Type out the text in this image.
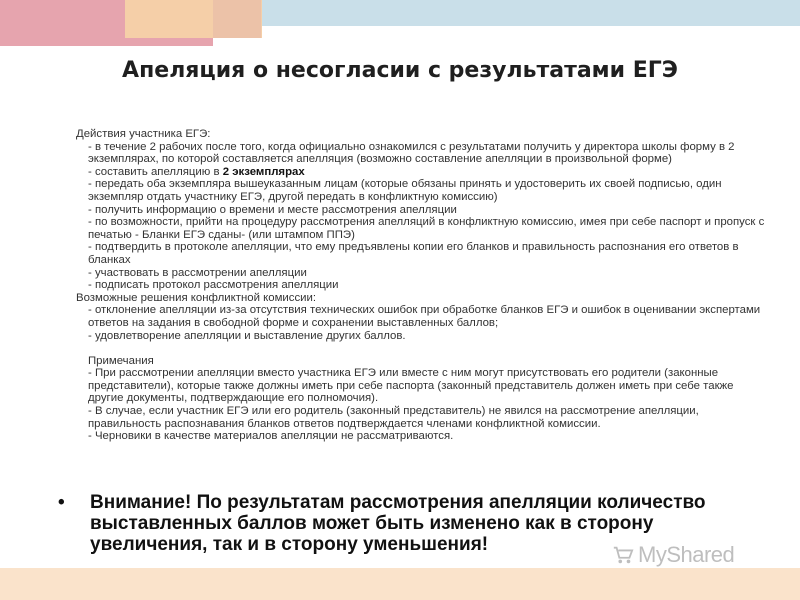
Апеляция о несогласии с результатами ЕГЭ

Действия участника ЕГЭ:

- в течение 2 рабочих после того, когда официально ознакомился с результатами получить у директора школы форму в 2 экземплярах, по которой составляется апелляция (возможно составление апелляции в произвольной форме)

- составить апелляцию в 2 экземплярах

- передать оба экземпляра вышеуказанным лицам (которые обязаны принять и удостоверить их своей подписью, один экземпляр отдать участнику ЕГЭ, другой передать в конфликтную комиссию)

- получить информацию о времени и месте рассмотрения апелляции

- по возможности, прийти на процедуру рассмотрения апелляций в конфликтную комиссию, имея при себе паспорт и пропуск с печатью - Бланки ЕГЭ сданы- (или штампом ППЭ)

- подтвердить в протоколе апелляции, что ему предъявлены копии его бланков и правильность распознания его ответов в бланках

- участвовать в рассмотрении апелляции

- подписать протокол рассмотрения апелляции

Возможные решения конфликтной комиссии:

- отклонение апелляции из-за отсутствия технических ошибок при обработке бланков ЕГЭ и ошибок в оценивании экспертами ответов на задания в свободной форме и сохранении выставленных баллов;

- удовлетворение апелляции и выставление других баллов.

Примечания

- При рассмотрении апелляции вместо участника ЕГЭ или вместе с ним могут присутствовать его родители (законные представители), которые также должны иметь при себе паспорта (законный представитель должен иметь при себе также другие документы, подтверждающие его полномочия).

- В случае, если участник ЕГЭ или его родитель (законный представитель) не явился на рассмотрение апелляции, правильность распознавания бланков ответов подтверждается членами конфликтной комиссии.

- Черновики в качестве материалов апелляции не рассматриваются.

• Внимание! По результатам рассмотрения апелляции количество выставленных баллов может быть изменено как в сторону увеличения, так и в сторону уменьшения!	MyShared
